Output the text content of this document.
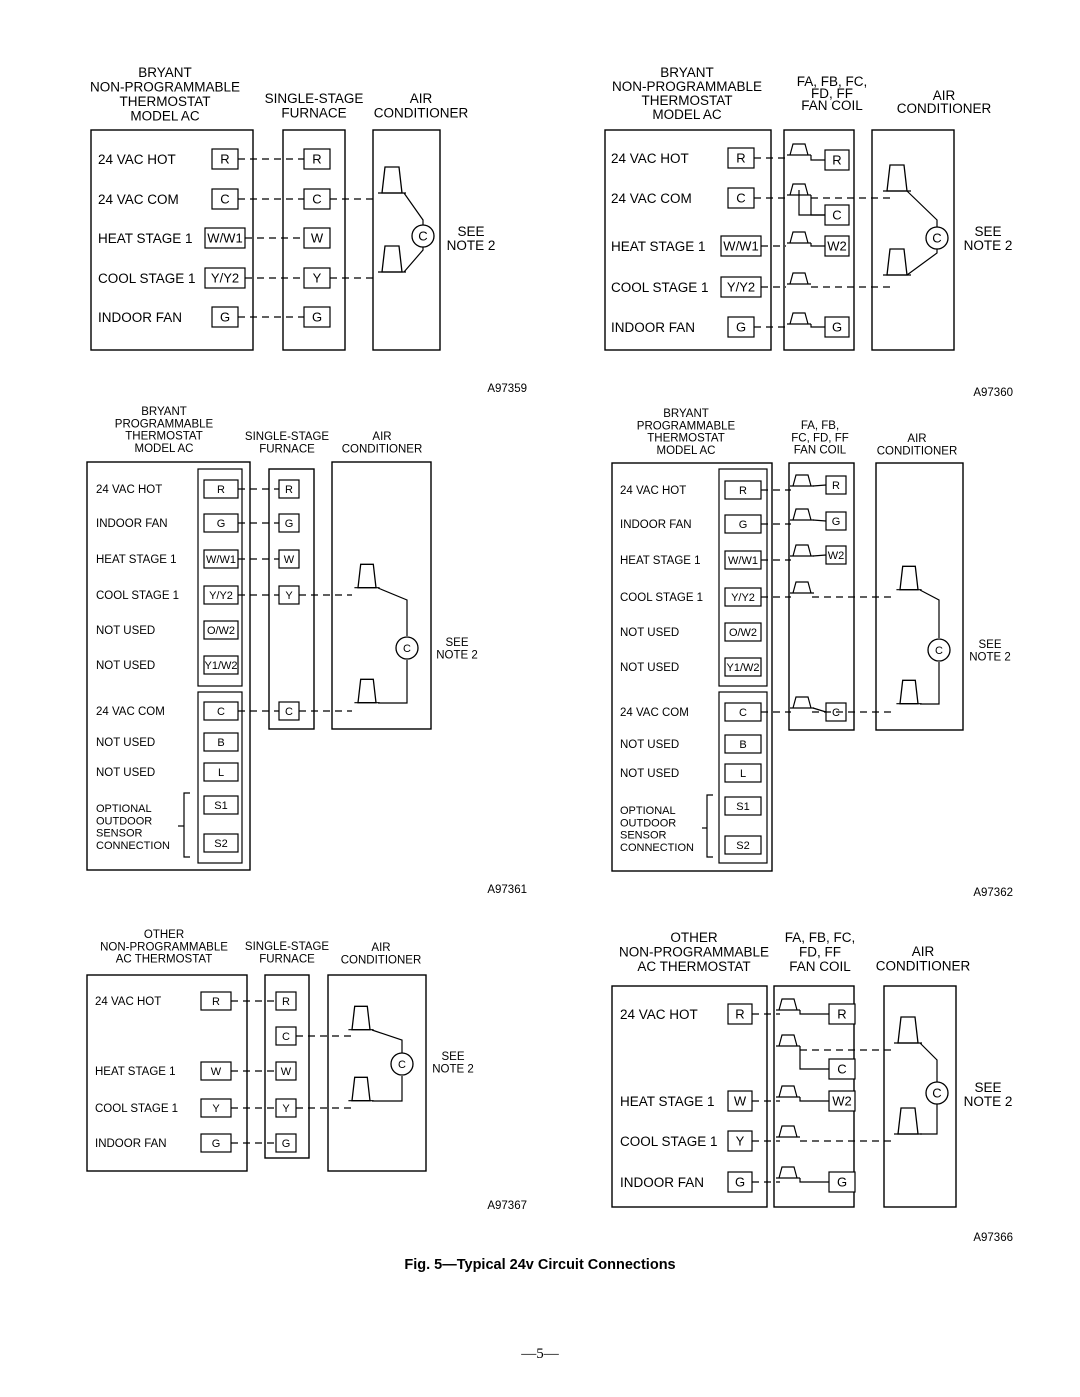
BRYANT
NON-PROGRAMMABLE
THERMOSTAT
MODEL AC
SINGLE-STAGE
FURNACE
AIR
CONDITIONER
24 VAC HOT	R	R
24 VAC COM	C	C
HEAT STAGE 1 W/W1	W
COOL STAGE 1 Y/Y2	Y
INDOOR FAN	G	G
C SEE
NOTE 2
A97359
BRYANT
NON-PROGRAMMABLE
THERMOSTAT
MODEL AC
FA, FB, FC,
FD, FF
FAN COIL
AIR
CONDITIONER
24 VAC HOT	R	R
24 VAC COM	C
C
HEAT STAGE 1 W/W1	W2
COOL STAGE 1 Y/Y2
INDOOR FAN	G	G
C SEE
NOTE 2
A97360
BRYANT
PROGRAMMABLE
THERMOSTAT
MODEL AC
SINGLE-STAGE
FURNACE
AIR
CONDITIONER
24 VAC HOT	R	R
INDOOR FAN	G	G
HEAT STAGE 1	W/W1	W
COOL STAGE 1	Y/Y2	Y
NOT USED	O/W2
NOT USED	Y1/W2
24 VAC COM	C	C
NOT USED	B
NOT USED	L
S1
S2
OPTIONAL
OUTDOOR
SENSOR
CONNECTION
C	SEE
NOTE 2
A97361
BRYANT
PROGRAMMABLE
THERMOSTAT
MODEL AC
FA, FB,
FC, FD, FF
FAN COIL
AIR
CONDITIONER
24 VAC HOT	R	R
INDOOR FAN	G	G
HEAT STAGE 1 W/W1	W2
COOL STAGE 1	Y/Y2
NOT USED	O/W2
NOT USED	Y1/W2
24 VAC COM	C	C
NOT USED	B
NOT USED	L
S1
S2
OPTIONAL
OUTDOOR
SENSOR
CONNECTION
C	SEE
NOTE 2
A97362
OTHER
NON-PROGRAMMABLE
AC THERMOSTAT
SINGLE-STAGE
FURNACE
AIR
CONDITIONER
24 VAC HOT	R	R
C
HEAT STAGE 1	W	W
COOL STAGE 1	Y	Y
INDOOR FAN	G	G
C
SEE
NOTE 2
A97367
OTHER
NON-PROGRAMMABLE
AC THERMOSTAT
FA, FB, FC,
FD, FF
FAN COIL
AIR
CONDITIONER
24 VAC HOT	R	R
C
HEAT STAGE 1 W	W2
COOL STAGE 1 Y
INDOOR FAN G	G
C SEE
NOTE 2
A97366
Fig. 5—Typical 24v Circuit Connections
—5—
